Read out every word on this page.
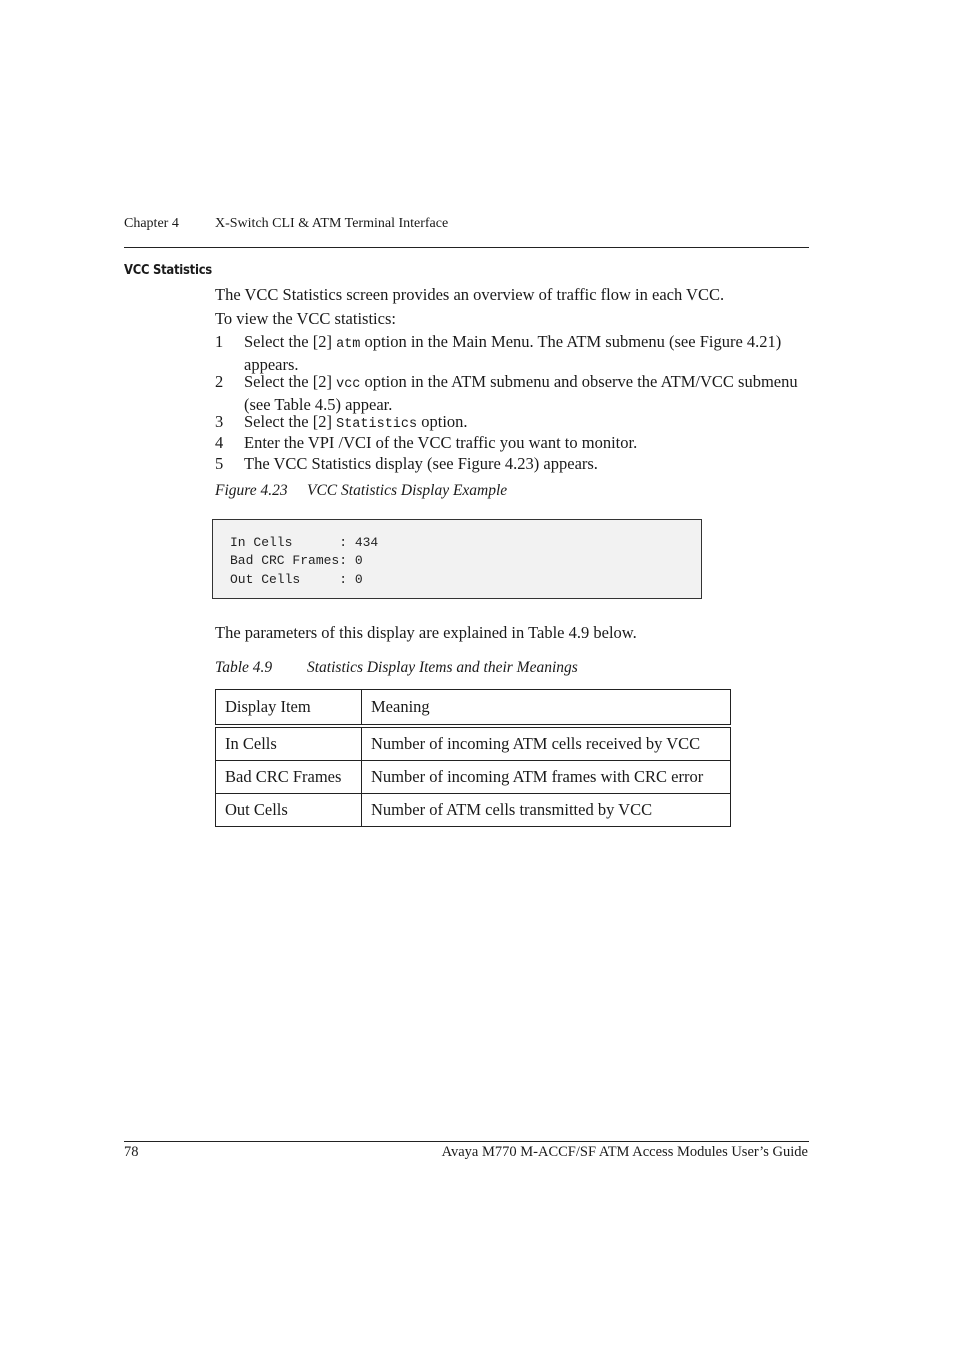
Chapter 4	X-Switch CLI & ATM Terminal Interface
VCC Statistics
The VCC Statistics screen provides an overview of traffic flow in each VCC.
To view the VCC statistics:
1 Select the [2] atm option in the Main Menu. The ATM submenu (see Figure 4.21) appears.
2 Select the [2] vcc option in the ATM submenu and observe the ATM/VCC submenu (see Table 4.5) appear.
3 Select the [2] Statistics option.
4 Enter the VPI /VCI of the VCC traffic you want to monitor.
5 The VCC Statistics display (see Figure 4.23) appears.
Figure 4.23 VCC Statistics Display Example
In Cells      : 434
Bad CRC Frames: 0
Out Cells     : 0
The parameters of this display are explained in Table 4.9 below.
Table 4.9 Statistics Display Items and their Meanings
Display Item	Meaning
In Cells	Number of incoming ATM cells received by VCC
Bad CRC Frames	Number of incoming ATM frames with CRC error
Out Cells	Number of ATM cells transmitted by VCC
78	Avaya M770 M-ACCF/SF ATM Access Modules User’s Guide
